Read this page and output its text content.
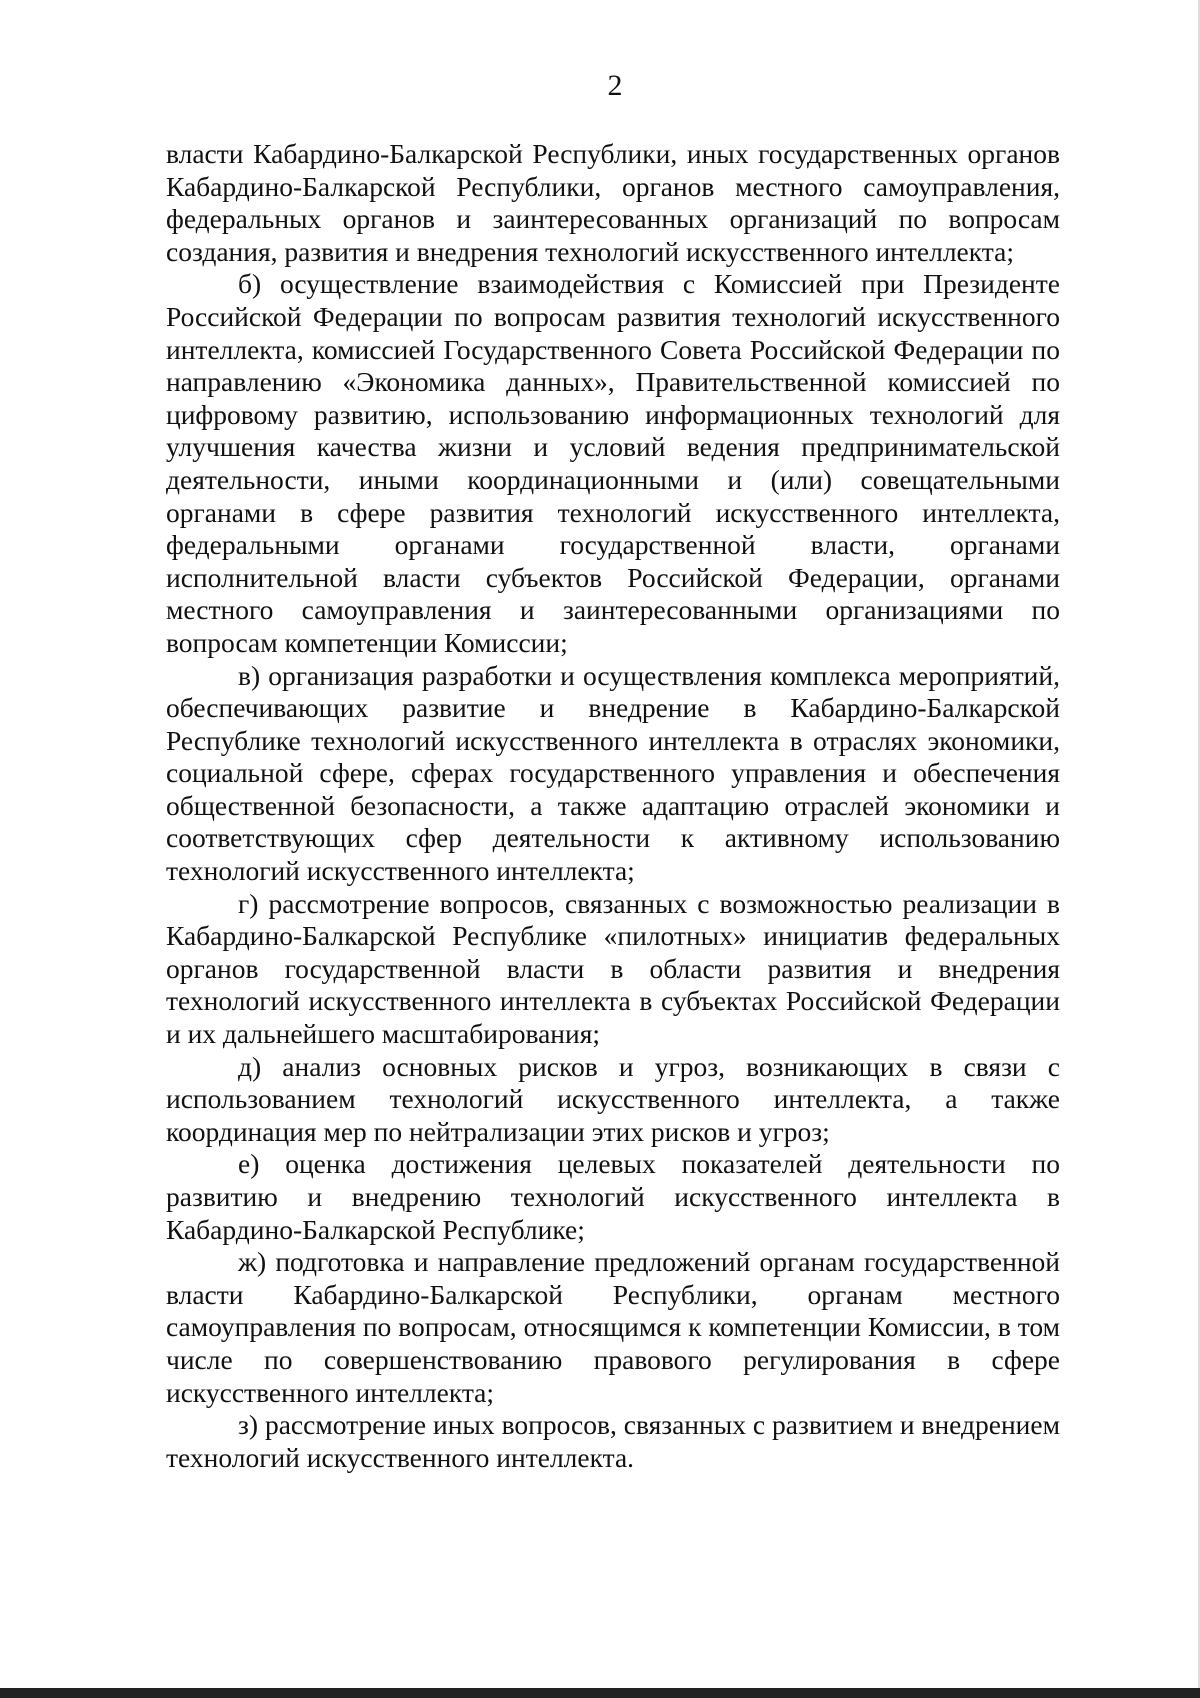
2

власти Кабардино-Балкарской Республики, иных государственных органов Кабардино-Балкарской Республики, органов местного самоуправления, федеральных органов и заинтересованных организаций по вопросам создания, развития и внедрения технологий искусственного интеллекта;

б) осуществление взаимодействия с Комиссией при Президенте Российской Федерации по вопросам развития технологий искусственного интеллекта, комиссией Государственного Совета Российской Федерации по направлению «Экономика данных», Правительственной комиссией по цифровому развитию, использованию информационных технологий для улучшения качества жизни и условий ведения предпринимательской деятельности, иными координационными и (или) совещательными органами в сфере развития технологий искусственного интеллекта, федеральными органами государственной власти, органами исполнительной власти субъектов Российской Федерации, органами местного самоуправления и заинтересованными организациями по вопросам компетенции Комиссии;

в) организация разработки и осуществления комплекса мероприятий, обеспечивающих развитие и внедрение в Кабардино-Балкарской Республике технологий искусственного интеллекта в отраслях экономики, социальной сфере, сферах государственного управления и обеспечения общественной безопасности, а также адаптацию отраслей экономики и соответствующих сфер деятельности к активному использованию технологий искусственного интеллекта;

г) рассмотрение вопросов, связанных с возможностью реализации в Кабардино-Балкарской Республике «пилотных» инициатив федеральных органов государственной власти в области развития и внедрения технологий искусственного интеллекта в субъектах Российской Федерации и их дальнейшего масштабирования;

д) анализ основных рисков и угроз, возникающих в связи с использованием технологий искусственного интеллекта, а также координация мер по нейтрализации этих рисков и угроз;

е) оценка достижения целевых показателей деятельности по развитию и внедрению технологий искусственного интеллекта в Кабардино-Балкарской Республике;

ж) подготовка и направление предложений органам государственной власти Кабардино-Балкарской Республики, органам местного самоуправления по вопросам, относящимся к компетенции Комиссии, в том числе по совершенствованию правового регулирования в сфере искусственного интеллекта;

з) рассмотрение иных вопросов, связанных с развитием и внедрением технологий искусственного интеллекта.
